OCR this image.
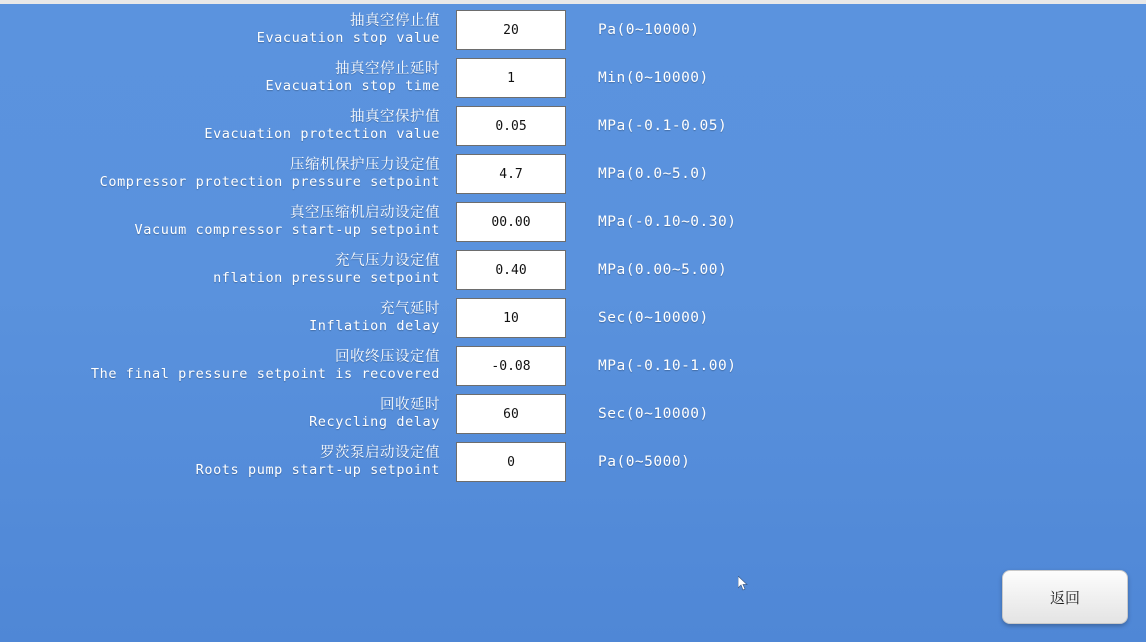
抽真空停止值
Evacuation stop value	20	Pa(0~10000)
抽真空停止延时
Evacuation stop time	1	Min(0~10000)
抽真空保护值
Evacuation protection value	0.05	MPa(-0.1-0.05)
压缩机保护压力设定值
Compressor protection pressure setpoint	4.7	MPa(0.0~5.0)
真空压缩机启动设定值
Vacuum compressor start-up setpoint	00.00	MPa(-0.10~0.30)
充气压力设定值
nflation pressure setpoint	0.40	MPa(0.00~5.00)
充气延时
Inflation delay	10	Sec(0~10000)
回收终压设定值
The final pressure setpoint is recovered	-0.08	MPa(-0.10-1.00)
回收延时
Recycling delay	60	Sec(0~10000)
罗茨泵启动设定值
Roots pump start-up setpoint	0	Pa(0~5000)
返回
